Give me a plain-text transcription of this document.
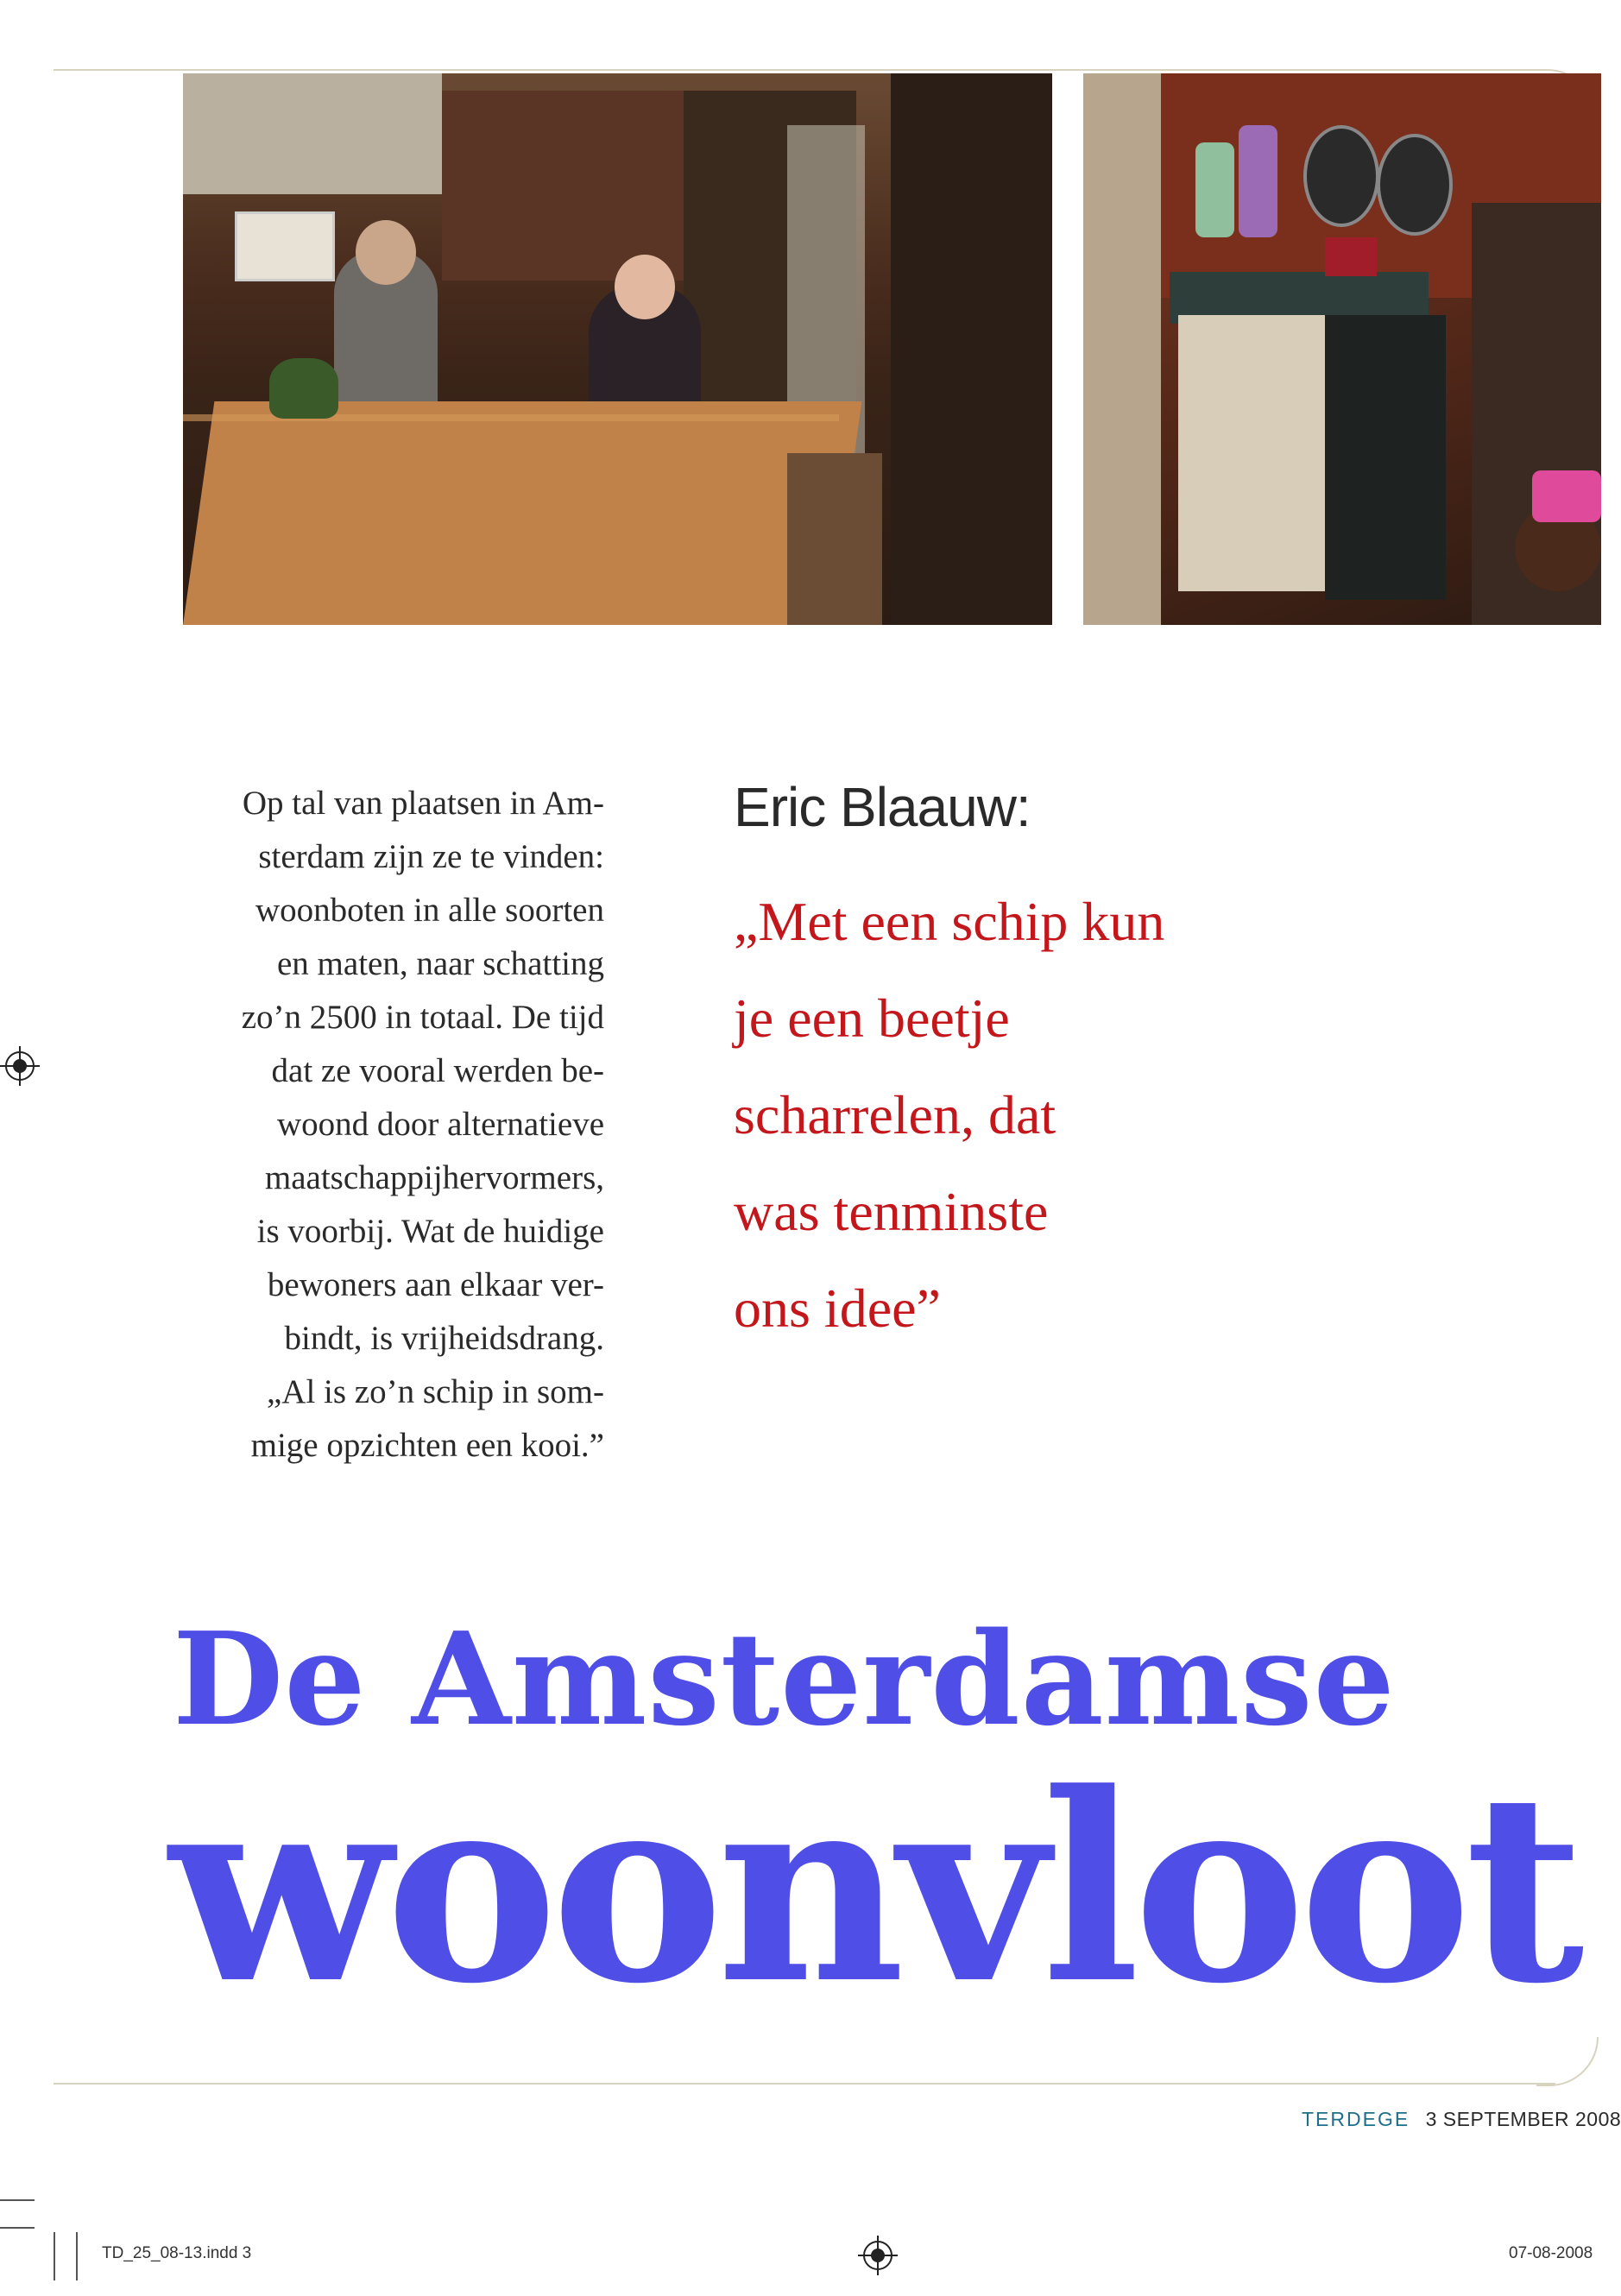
Op tal van plaatsen in Am-
sterdam zijn ze te vinden:
woonboten in alle soorten
en maten, naar schatting
zo’n 2500 in totaal. De tijd
dat ze vooral werden be-
woond door alternatieve
maatschappijhervormers,
is voorbij. Wat de huidige
bewoners aan elkaar ver-
bindt, is vrijheidsdrang.
„Al is zo’n schip in som-
mige opzichten een kooi.”
Eric Blaauw:
„Met een schip kun
je een beetje
scharrelen, dat
was tenminste
ons idee”
De Amsterdamse
woonvloot
TERDEGE 3 SEPTEMBER 2008
TD_25_08-13.indd 3	07-08-2008
